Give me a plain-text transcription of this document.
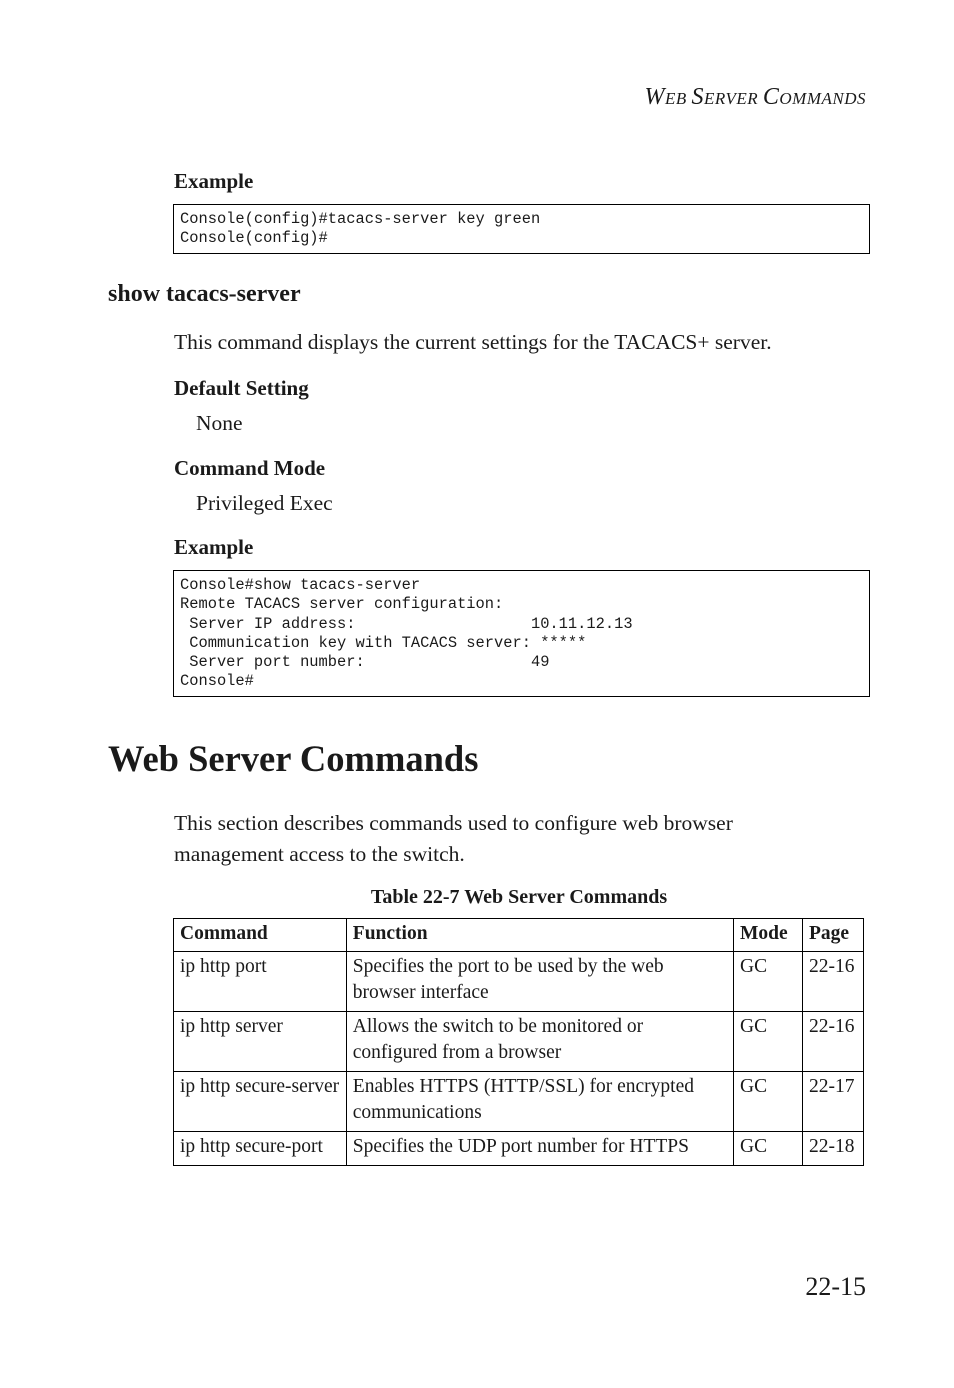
WEB SERVER COMMANDS
Example
Console(config)#tacacs-server key green
Console(config)#
show tacacs-server
This command displays the current settings for the TACACS+ server.
Default Setting
None
Command Mode
Privileged Exec
Example
Console#show tacacs-server
Remote TACACS server configuration:
Server IP address:                   10.11.12.13
Communication key with TACACS server: *****
Server port number:                  49
Console#
Web Server Commands
This section describes commands used to configure web browser management access to the switch.
Table 22-7 Web Server Commands
Command	Function	Mode	Page
ip http port	Specifies the port to be used by the web browser interface	GC	22-16
ip http server	Allows the switch to be monitored or configured from a browser	GC	22-16
ip http secure-server	Enables HTTPS (HTTP/SSL) for encrypted communications	GC	22-17
ip http secure-port	Specifies the UDP port number for HTTPS	GC	22-18
22-15
